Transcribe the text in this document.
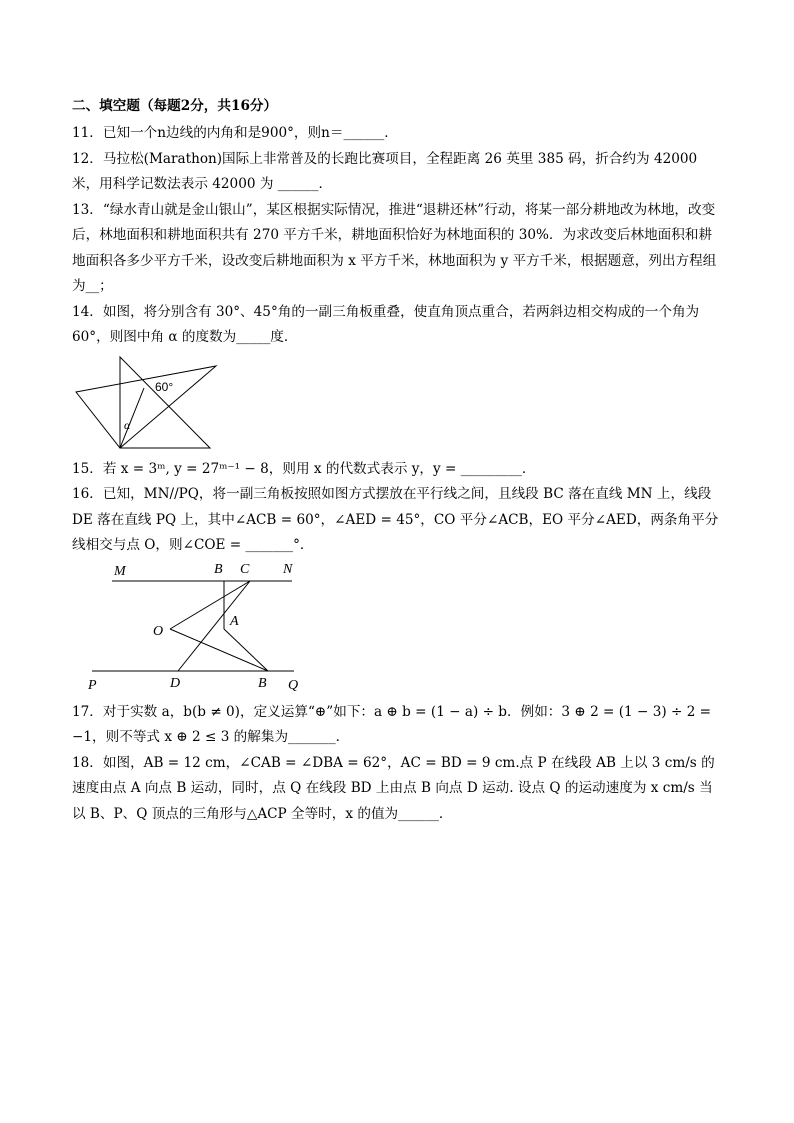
二、填空题（每题2分，共16分）

11．已知一个n边线的内角和是900°，则n＝______．

12．马拉松(Marathon)国际上非常普及的长跑比赛项目，全程距离 26 英里 385 码，折合约为 42000 米，用科学记数法表示 42000 为 ______．

13．“绿水青山就是金山银山”，某区根据实际情况，推进“退耕还林”行动，将某一部分耕地改为林地，改变后，林地面积和耕地面积共有 270 平方千米，耕地面积恰好为林地面积的 30%．为求改变后林地面积和耕地面积各多少平方千米，设改变后耕地面积为 x 平方千米，林地面积为 y 平方千米，根据题意，列出方程组为__；

14．如图，将分别含有 30°、45°角的一副三角板重叠，使直角顶点重合，若两斜边相交构成的一个角为 60°，则图中角 α 的度数为_____度．

60°
α

15．若 x = 3ᵐ, y = 27ᵐ⁻¹ − 8，则用 x 的代数式表示 y，y = _________．

16．已知，MN//PQ，将一副三角板按照如图方式摆放在平行线之间，且线段 BC 落在直线 MN 上，线段 DE 落在直线 PQ 上，其中∠ACB = 60°，∠AED = 45°，CO 平分∠ACB，EO 平分∠AED，两条角平分线相交与点 O，则∠COE = _______°．

M	B C N
O
A
P	D	B Q

17．对于实数 a，b(b ≠ 0)，定义运算“⊕”如下：a ⊕ b = (1 − a) ÷ b．例如：3 ⊕ 2 = (1 − 3) ÷ 2 = −1，则不等式 x ⊕ 2 ≤ 3 的解集为_______．

18．如图，AB = 12 cm，∠CAB = ∠DBA = 62°，AC = BD = 9 cm.点 P 在线段 AB 上以 3 cm/s 的速度由点 A 向点 B 运动，同时，点 Q 在线段 BD 上由点 B 向点 D 运动. 设点 Q 的运动速度为 x cm/s 当以 B、P、Q 顶点的三角形与△ACP 全等时，x 的值为______．
